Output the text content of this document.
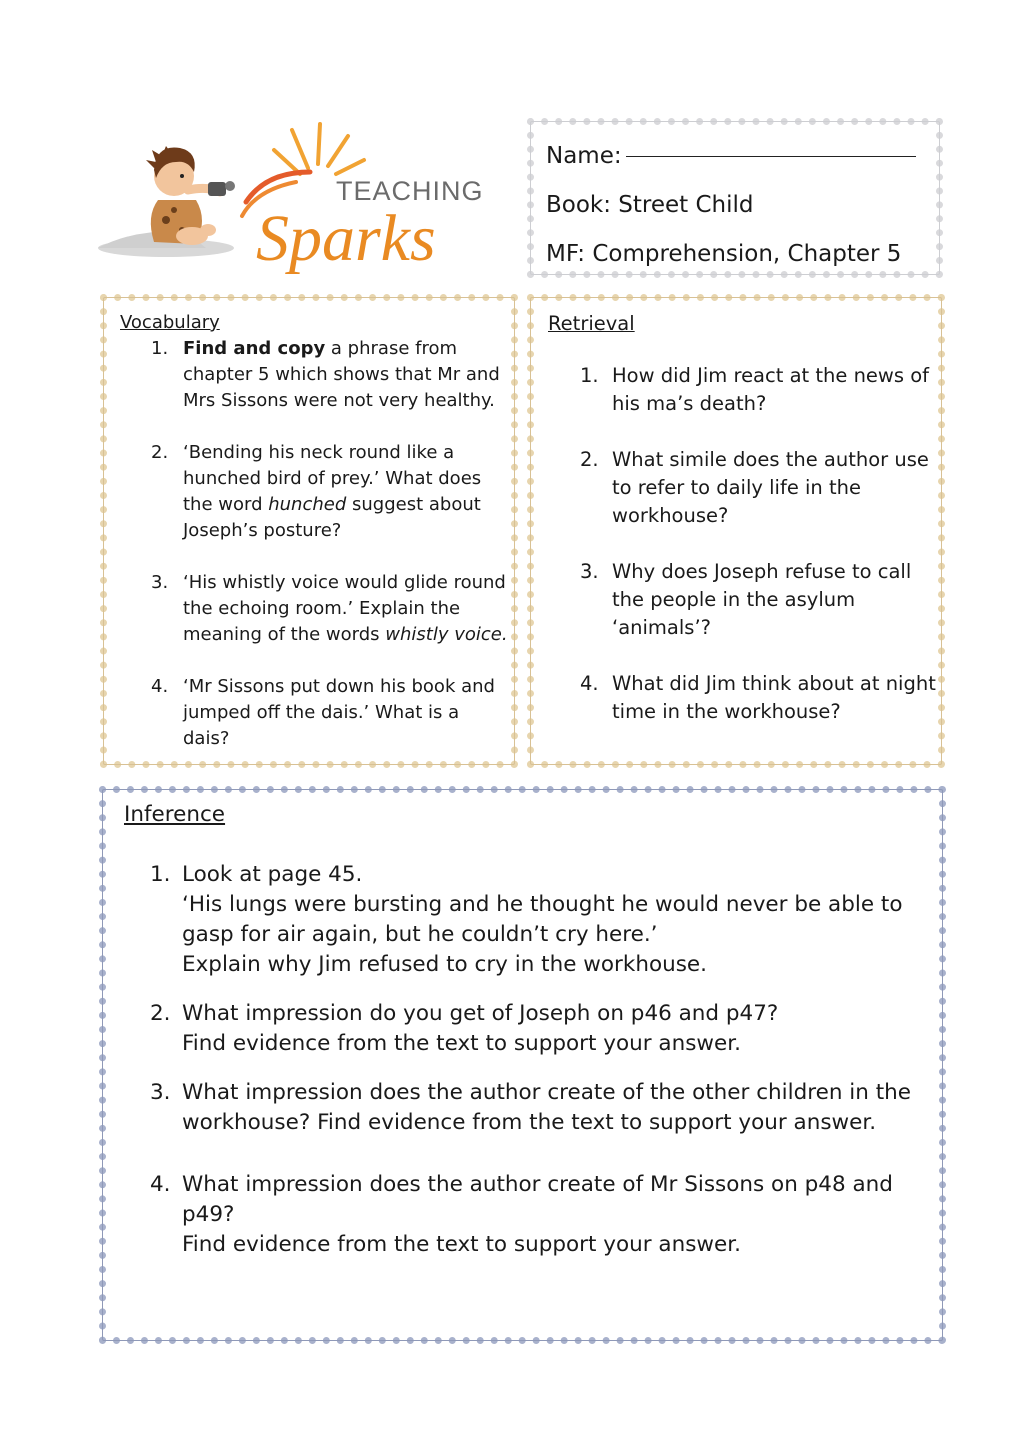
TEACHING
Sparks
Name:
Book: Street Child
MF: Comprehension, Chapter 5
Vocabulary
1. Find and copy a phrase from chapter 5 which shows that Mr and Mrs Sissons were not very healthy.
2. ‘Bending his neck round like a hunched bird of prey.’ What does the word hunched suggest about Joseph’s posture?
3. ‘His whistly voice would glide round the echoing room.’ Explain the meaning of the words whistly voice.
4. ‘Mr Sissons put down his book and jumped off the dais.’ What is a dais?
Retrieval
1. How did Jim react at the news of his ma’s death?
2. What simile does the author use to refer to daily life in the workhouse?
3. Why does Joseph refuse to call the people in the asylum ‘animals’?
4. What did Jim think about at night time in the workhouse?
Inference
1. Look at page 45.
‘His lungs were bursting and he thought he would never be able to gasp for air again, but he couldn’t cry here.’
Explain why Jim refused to cry in the workhouse.
2. What impression do you get of Joseph on p46 and p47?
Find evidence from the text to support your answer.
3. What impression does the author create of the other children in the workhouse? Find evidence from the text to support your answer.
4. What impression does the author create of Mr Sissons on p48 and p49?
Find evidence from the text to support your answer.
